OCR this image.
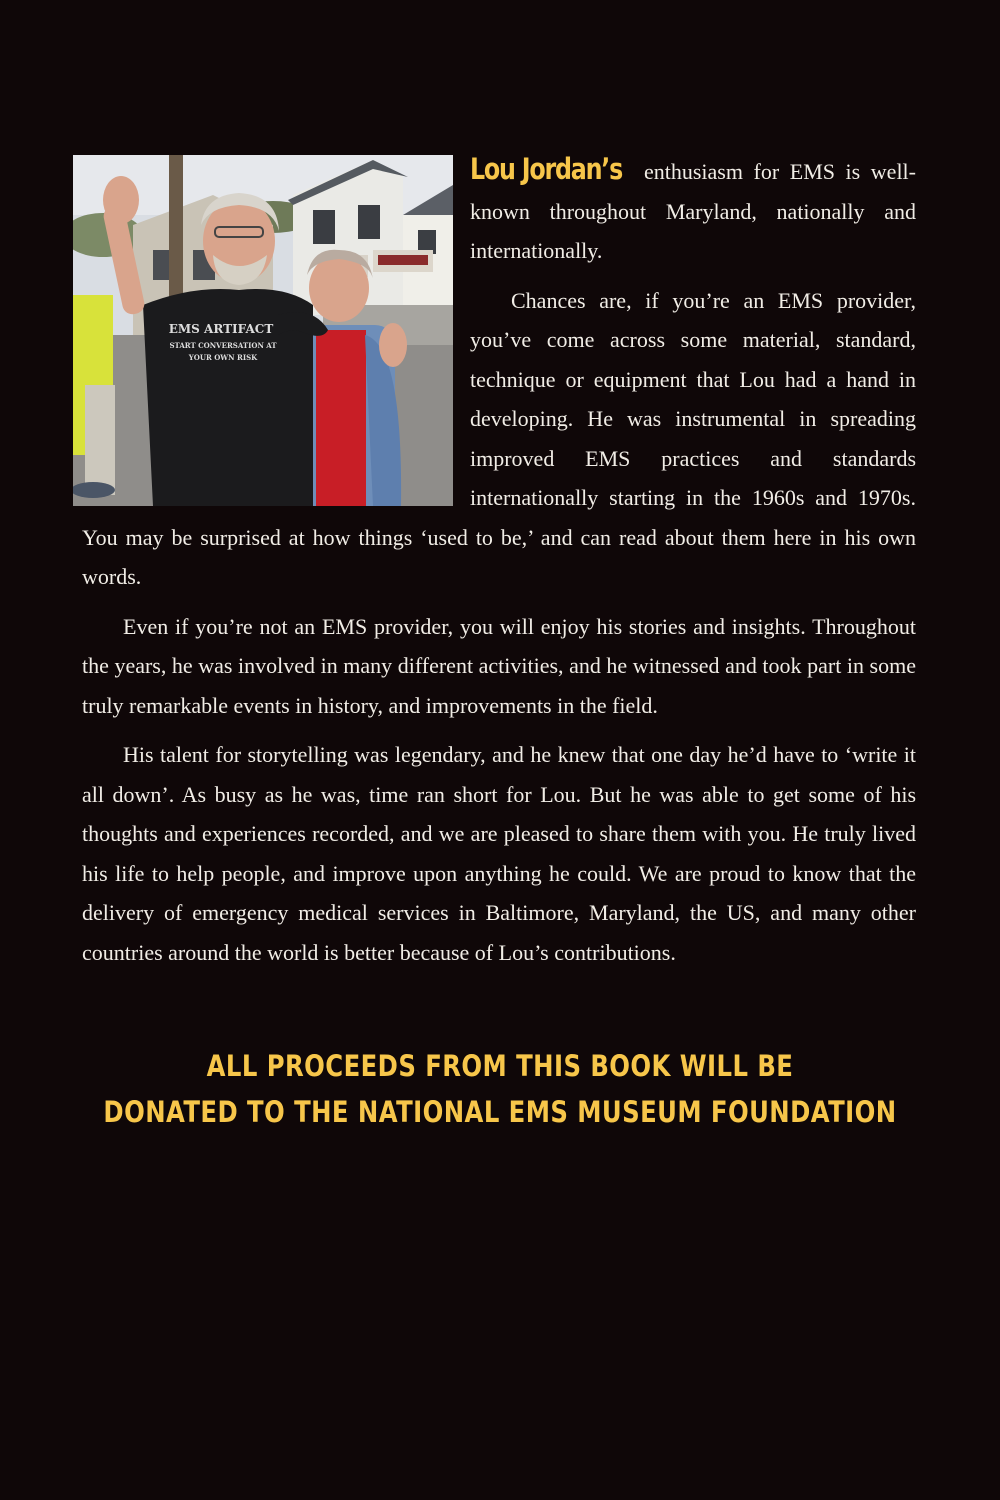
EMS ARTIFACT
START CONVERSATION AT
YOUR OWN RISK

Lou Jordan’s enthusiasm for EMS is well-known throughout Maryland, nationally and internationally.

Chances are, if you’re an EMS provider, you’ve come across some material, standard, technique or equipment that Lou had a hand in developing. He was instrumental in spreading improved EMS practices and standards internationally starting in the 1960s and 1970s. You may be surprised at how things ‘used to be,’ and can read about them here in his own words.

Even if you’re not an EMS provider, you will enjoy his stories and insights. Throughout the years, he was involved in many different activities, and he witnessed and took part in some truly remarkable events in history, and improvements in the field.

His talent for storytelling was legendary, and he knew that one day he’d have to ‘write it all down’. As busy as he was, time ran short for Lou. But he was able to get some of his thoughts and experiences recorded, and we are pleased to share them with you. He truly lived his life to help people, and improve upon anything he could. We are proud to know that the delivery of emergency medical services in Baltimore, Maryland, the US, and many other countries around the world is better because of Lou’s contributions.

ALL PROCEEDS FROM THIS BOOK WILL BE
DONATED TO THE NATIONAL EMS MUSEUM FOUNDATION
